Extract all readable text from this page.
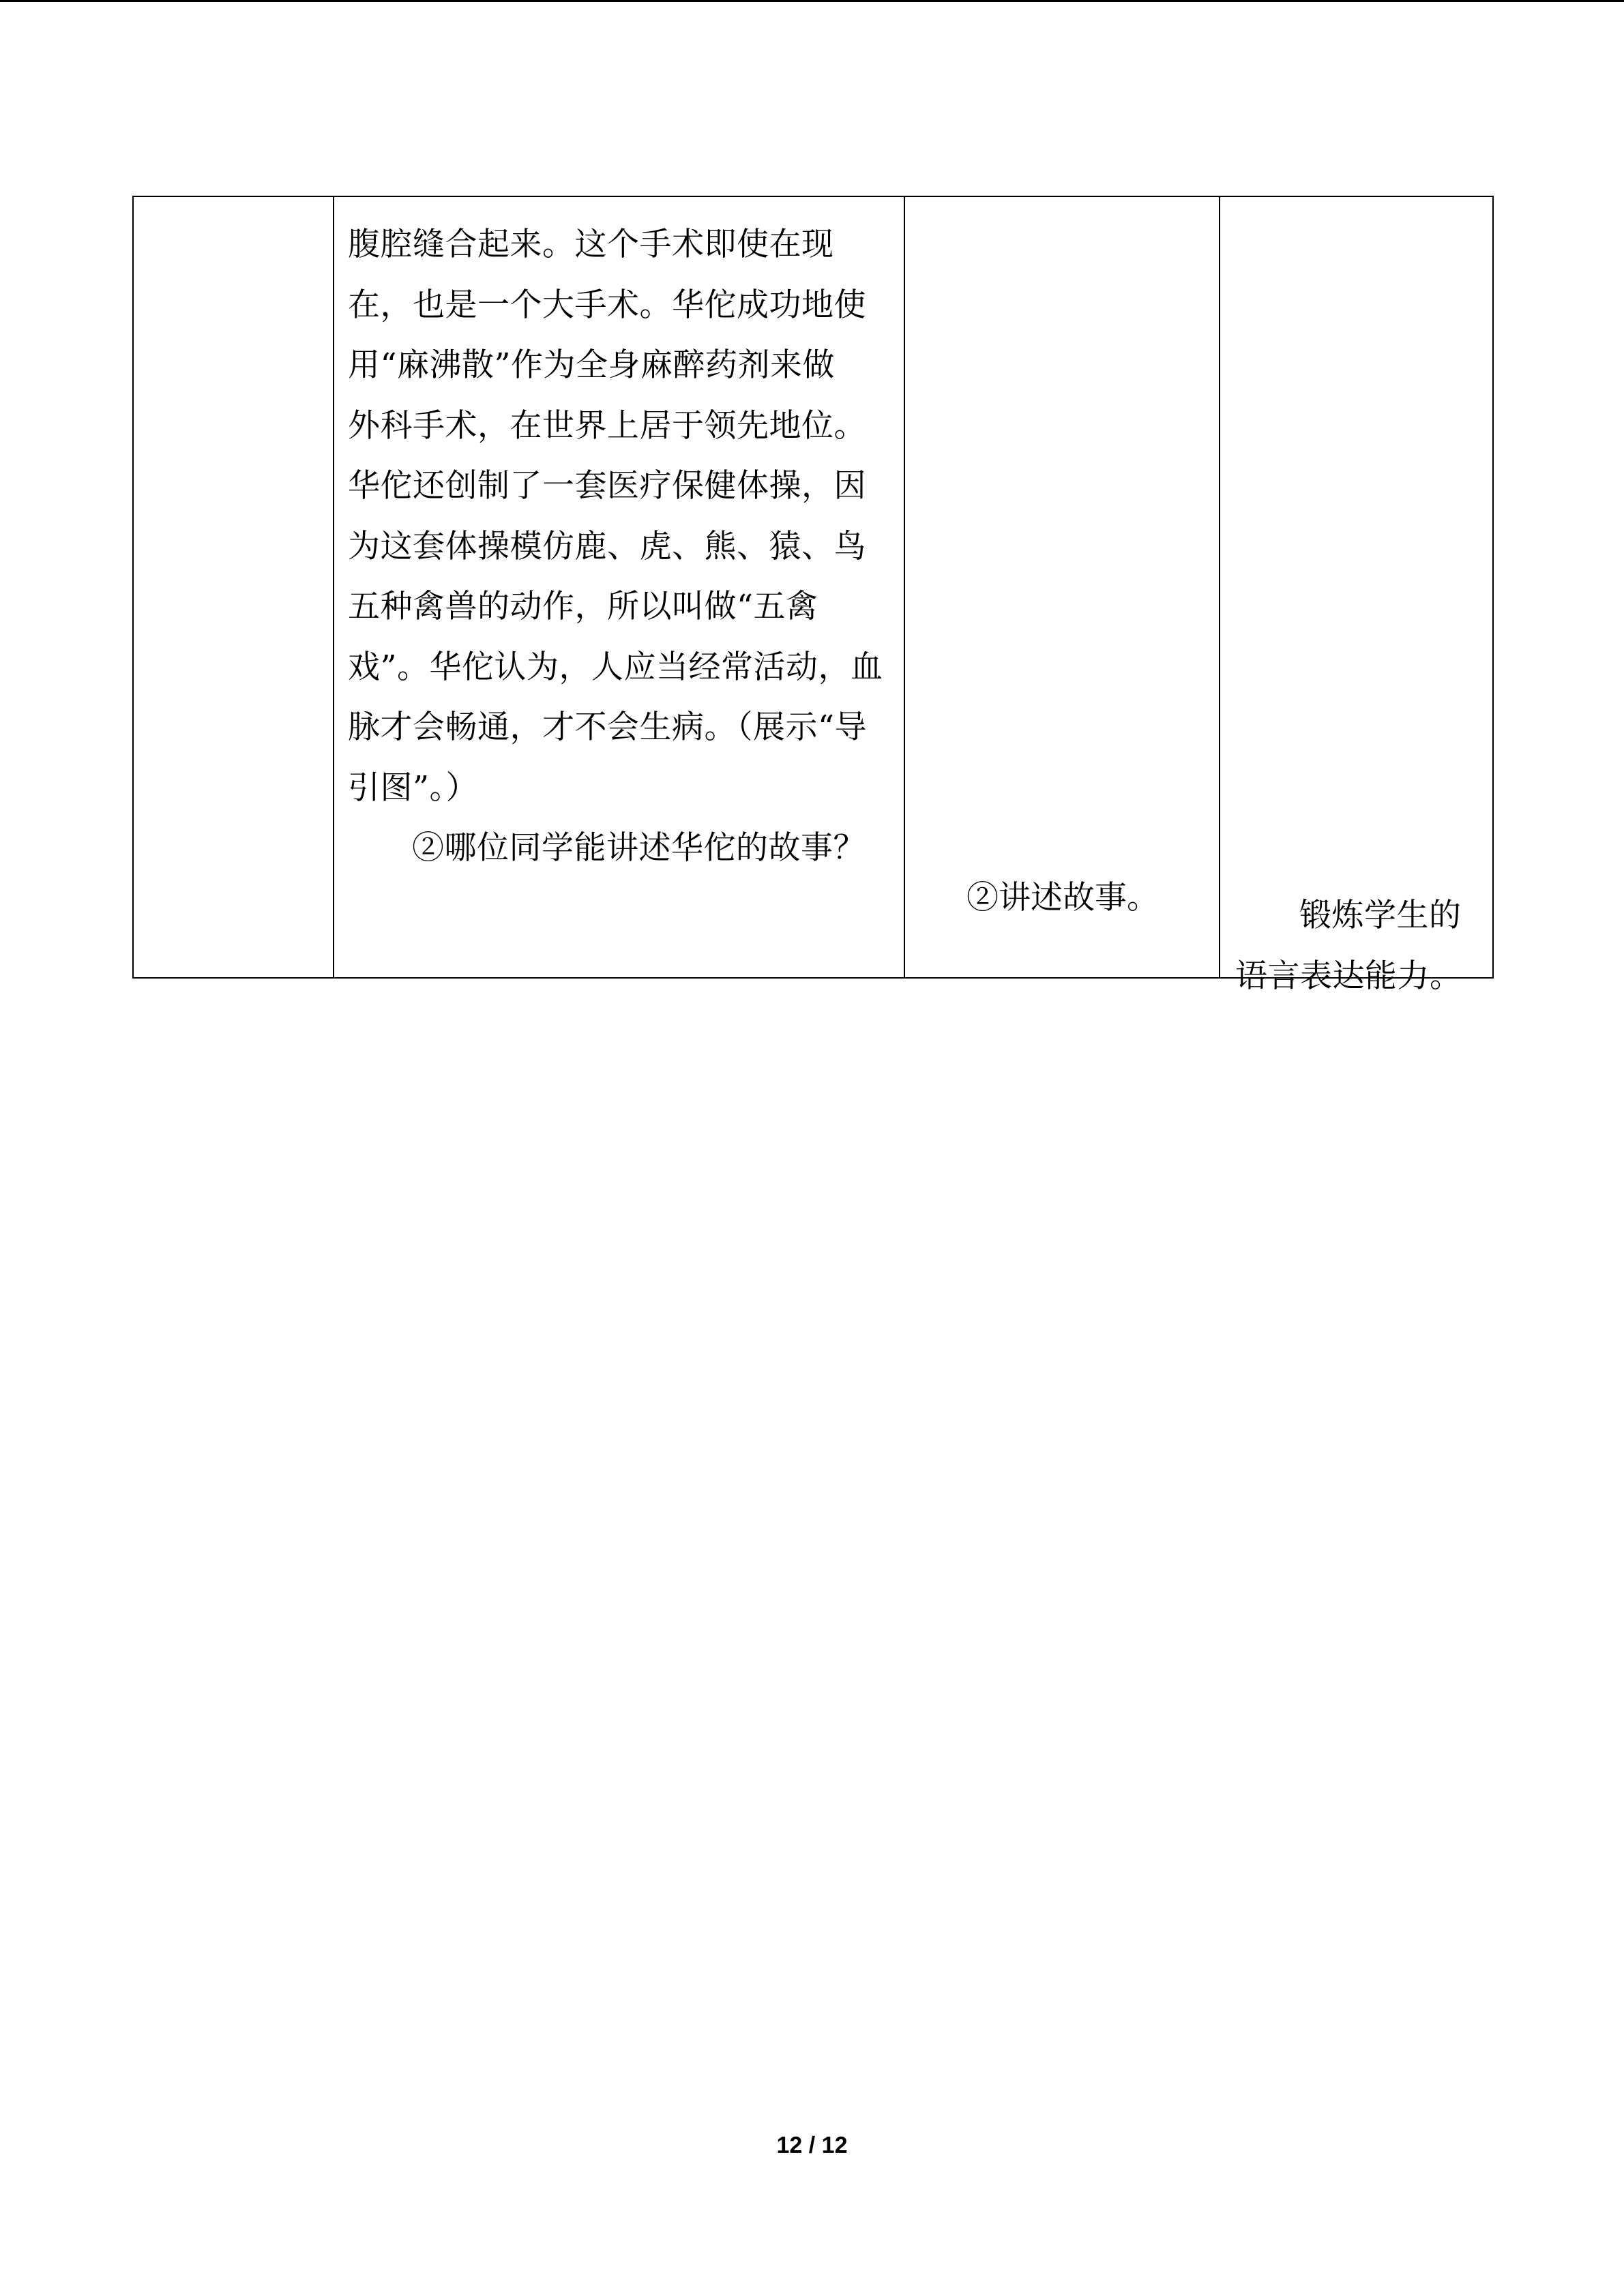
腹腔缝合起来。这个手术即使在现
在，也是一个大手术。华佗成功地使
用“麻沸散”作为全身麻醉药剂来做
外科手术，在世界上居于领先地位。
华佗还创制了一套医疗保健体操，因
为这套体操模仿鹿、虎、熊、猿、鸟
五种禽兽的动作，所以叫做“五禽
戏”。华佗认为，人应当经常活动，血
脉才会畅通，才不会生病。（展示“导
引图”。）
②哪位同学能讲述华佗的故事？

②讲述故事。	锻炼学生的
语言表达能力。
12 / 12
